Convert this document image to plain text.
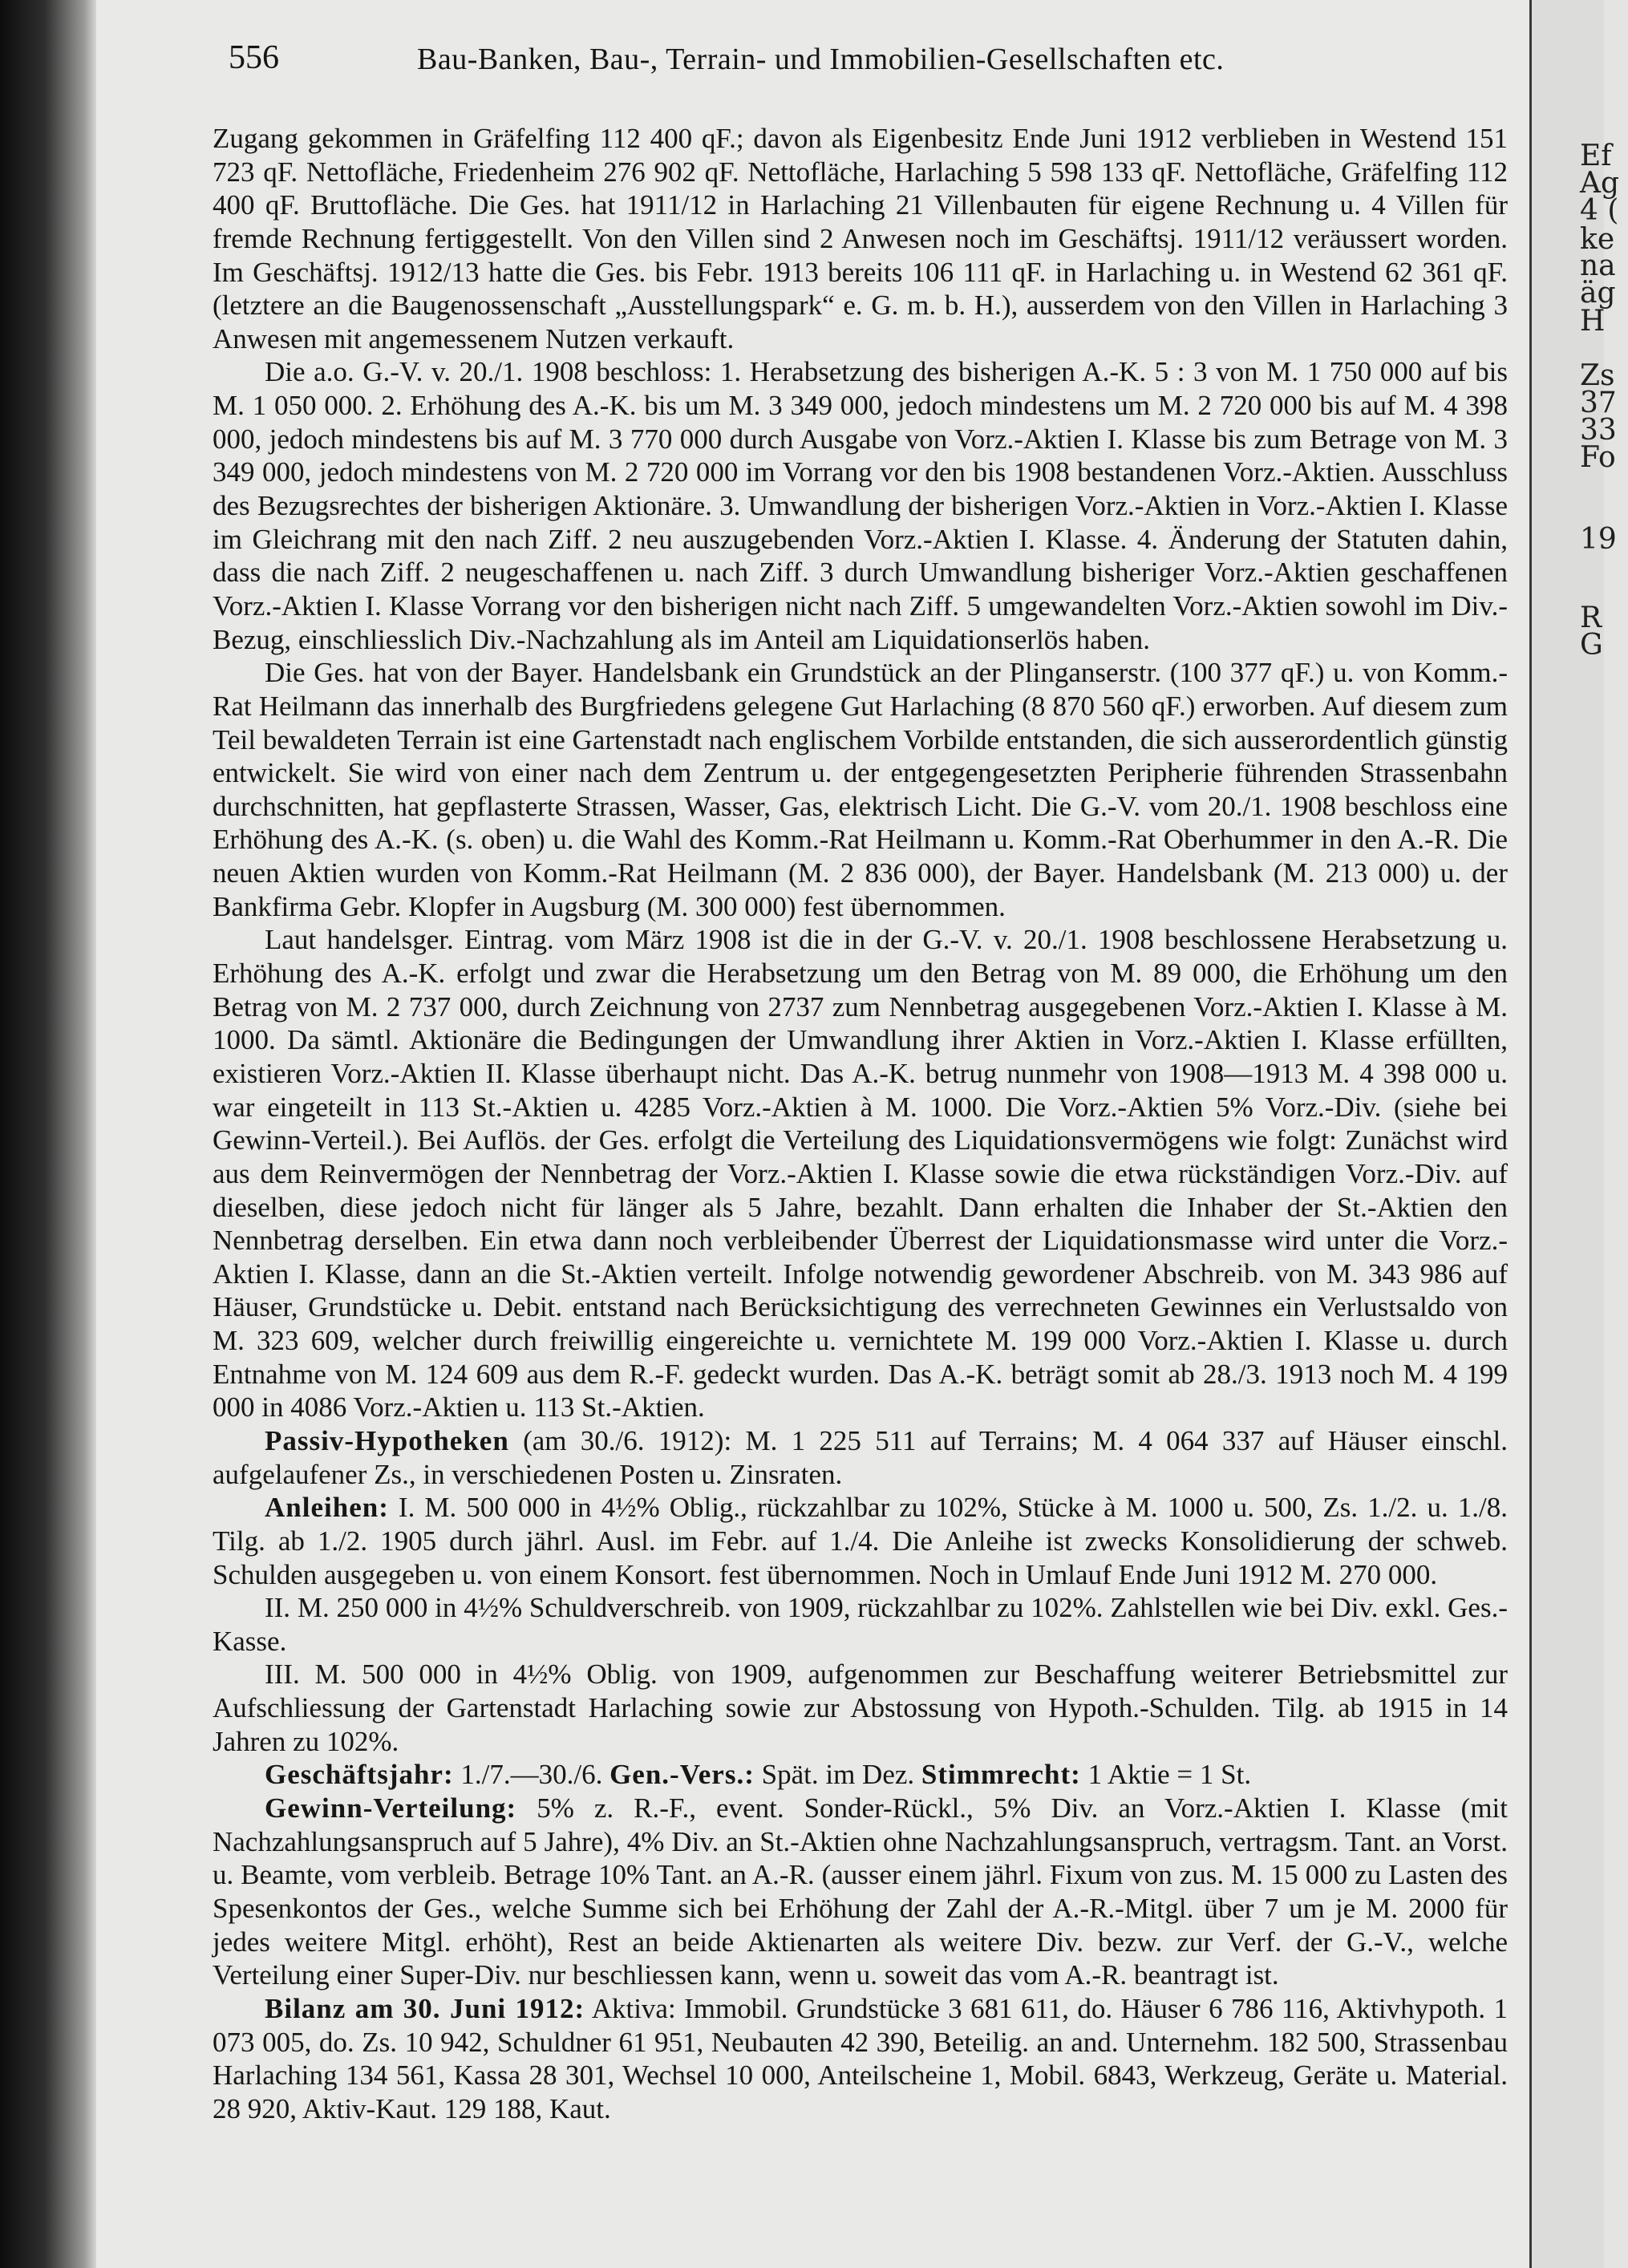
Ef
Ag
4 (
ke
na
äg
H
Zs
37
33
Fo
19
R
G
556	Bau-Banken, Bau-, Terrain- und Immobilien-Gesellschaften etc.

Zugang gekommen in Gräfelfing 112 400 qF.; davon als Eigenbesitz Ende Juni 1912 verblieben in Westend 151 723 qF. Nettofläche, Friedenheim 276 902 qF. Nettofläche, Harlaching 5 598 133 qF. Nettofläche, Gräfelfing 112 400 qF. Bruttofläche. Die Ges. hat 1911/12 in Harlaching 21 Villenbauten für eigene Rechnung u. 4 Villen für fremde Rechnung fertiggestellt. Von den Villen sind 2 Anwesen noch im Geschäftsj. 1911/12 veräussert worden. Im Geschäftsj. 1912/13 hatte die Ges. bis Febr. 1913 bereits 106 111 qF. in Harlaching u. in Westend 62 361 qF. (letztere an die Baugenossenschaft „Ausstellungspark“ e. G. m. b. H.), ausserdem von den Villen in Harlaching 3 Anwesen mit angemessenem Nutzen verkauft.

Die a.o. G.-V. v. 20./1. 1908 beschloss: 1. Herabsetzung des bisherigen A.-K. 5 : 3 von M. 1 750 000 auf bis M. 1 050 000. 2. Erhöhung des A.-K. bis um M. 3 349 000, jedoch mindestens um M. 2 720 000 bis auf M. 4 398 000, jedoch mindestens bis auf M. 3 770 000 durch Ausgabe von Vorz.-Aktien I. Klasse bis zum Betrage von M. 3 349 000, jedoch mindestens von M. 2 720 000 im Vorrang vor den bis 1908 bestandenen Vorz.-Aktien. Ausschluss des Bezugsrechtes der bisherigen Aktionäre. 3. Umwandlung der bisherigen Vorz.-Aktien in Vorz.-Aktien I. Klasse im Gleichrang mit den nach Ziff. 2 neu auszugebenden Vorz.-Aktien I. Klasse. 4. Änderung der Statuten dahin, dass die nach Ziff. 2 neugeschaffenen u. nach Ziff. 3 durch Umwandlung bisheriger Vorz.-Aktien geschaffenen Vorz.-Aktien I. Klasse Vorrang vor den bisherigen nicht nach Ziff. 5 umgewandelten Vorz.-Aktien sowohl im Div.-Bezug, einschliesslich Div.-Nachzahlung als im Anteil am Liquidationserlös haben.

Die Ges. hat von der Bayer. Handelsbank ein Grundstück an der Plinganserstr. (100 377 qF.) u. von Komm.-Rat Heilmann das innerhalb des Burgfriedens gelegene Gut Harlaching (8 870 560 qF.) erworben. Auf diesem zum Teil bewaldeten Terrain ist eine Gartenstadt nach englischem Vorbilde entstanden, die sich ausserordentlich günstig entwickelt. Sie wird von einer nach dem Zentrum u. der entgegengesetzten Peripherie führenden Strassenbahn durchschnitten, hat gepflasterte Strassen, Wasser, Gas, elektrisch Licht. Die G.-V. vom 20./1. 1908 beschloss eine Erhöhung des A.-K. (s. oben) u. die Wahl des Komm.-Rat Heilmann u. Komm.-Rat Oberhummer in den A.-R. Die neuen Aktien wurden von Komm.-Rat Heilmann (M. 2 836 000), der Bayer. Handelsbank (M. 213 000) u. der Bankfirma Gebr. Klopfer in Augsburg (M. 300 000) fest übernommen.

Laut handelsger. Eintrag. vom März 1908 ist die in der G.-V. v. 20./1. 1908 beschlossene Herabsetzung u. Erhöhung des A.-K. erfolgt und zwar die Herabsetzung um den Betrag von M. 89 000, die Erhöhung um den Betrag von M. 2 737 000, durch Zeichnung von 2737 zum Nennbetrag ausgegebenen Vorz.-Aktien I. Klasse à M. 1000. Da sämtl. Aktionäre die Bedingungen der Umwandlung ihrer Aktien in Vorz.-Aktien I. Klasse erfüllten, existieren Vorz.-Aktien II. Klasse überhaupt nicht. Das A.-K. betrug nunmehr von 1908—1913 M. 4 398 000 u. war eingeteilt in 113 St.-Aktien u. 4285 Vorz.-Aktien à M. 1000. Die Vorz.-Aktien 5% Vorz.-Div. (siehe bei Gewinn-Verteil.). Bei Auflös. der Ges. erfolgt die Verteilung des Liquidationsvermögens wie folgt: Zunächst wird aus dem Reinvermögen der Nennbetrag der Vorz.-Aktien I. Klasse sowie die etwa rückständigen Vorz.-Div. auf dieselben, diese jedoch nicht für länger als 5 Jahre, bezahlt. Dann erhalten die Inhaber der St.-Aktien den Nennbetrag derselben. Ein etwa dann noch verbleibender Überrest der Liquidationsmasse wird unter die Vorz.-Aktien I. Klasse, dann an die St.-Aktien verteilt. Infolge notwendig gewordener Abschreib. von M. 343 986 auf Häuser, Grundstücke u. Debit. entstand nach Berücksichtigung des verrechneten Gewinnes ein Verlustsaldo von M. 323 609, welcher durch freiwillig eingereichte u. vernichtete M. 199 000 Vorz.-Aktien I. Klasse u. durch Entnahme von M. 124 609 aus dem R.-F. gedeckt wurden. Das A.-K. beträgt somit ab 28./3. 1913 noch M. 4 199 000 in 4086 Vorz.-Aktien u. 113 St.-Aktien.

Passiv-Hypotheken (am 30./6. 1912): M. 1 225 511 auf Terrains; M. 4 064 337 auf Häuser einschl. aufgelaufener Zs., in verschiedenen Posten u. Zinsraten.

Anleihen: I. M. 500 000 in 4½% Oblig., rückzahlbar zu 102%, Stücke à M. 1000 u. 500, Zs. 1./2. u. 1./8. Tilg. ab 1./2. 1905 durch jährl. Ausl. im Febr. auf 1./4. Die Anleihe ist zwecks Konsolidierung der schweb. Schulden ausgegeben u. von einem Konsort. fest übernommen. Noch in Umlauf Ende Juni 1912 M. 270 000.

II. M. 250 000 in 4½% Schuldverschreib. von 1909, rückzahlbar zu 102%. Zahlstellen wie bei Div. exkl. Ges.-Kasse.

III. M. 500 000 in 4½% Oblig. von 1909, aufgenommen zur Beschaffung weiterer Betriebsmittel zur Aufschliessung der Gartenstadt Harlaching sowie zur Abstossung von Hypoth.-Schulden. Tilg. ab 1915 in 14 Jahren zu 102%.

Geschäftsjahr: 1./7.—30./6. Gen.-Vers.: Spät. im Dez. Stimmrecht: 1 Aktie = 1 St.

Gewinn-Verteilung: 5% z. R.-F., event. Sonder-Rückl., 5% Div. an Vorz.-Aktien I. Klasse (mit Nachzahlungsanspruch auf 5 Jahre), 4% Div. an St.-Aktien ohne Nachzahlungsanspruch, vertragsm. Tant. an Vorst. u. Beamte, vom verbleib. Betrage 10% Tant. an A.-R. (ausser einem jährl. Fixum von zus. M. 15 000 zu Lasten des Spesenkontos der Ges., welche Summe sich bei Erhöhung der Zahl der A.-R.-Mitgl. über 7 um je M. 2000 für jedes weitere Mitgl. erhöht), Rest an beide Aktienarten als weitere Div. bezw. zur Verf. der G.-V., welche Verteilung einer Super-Div. nur beschliessen kann, wenn u. soweit das vom A.-R. beantragt ist.

Bilanz am 30. Juni 1912: Aktiva: Immobil. Grundstücke 3 681 611, do. Häuser 6 786 116, Aktivhypoth. 1 073 005, do. Zs. 10 942, Schuldner 61 951, Neubauten 42 390, Beteilig. an and. Unternehm. 182 500, Strassenbau Harlaching 134 561, Kassa 28 301, Wechsel 10 000, Anteilscheine 1, Mobil. 6843, Werkzeug, Geräte u. Material. 28 920, Aktiv-Kaut. 129 188, Kaut.
